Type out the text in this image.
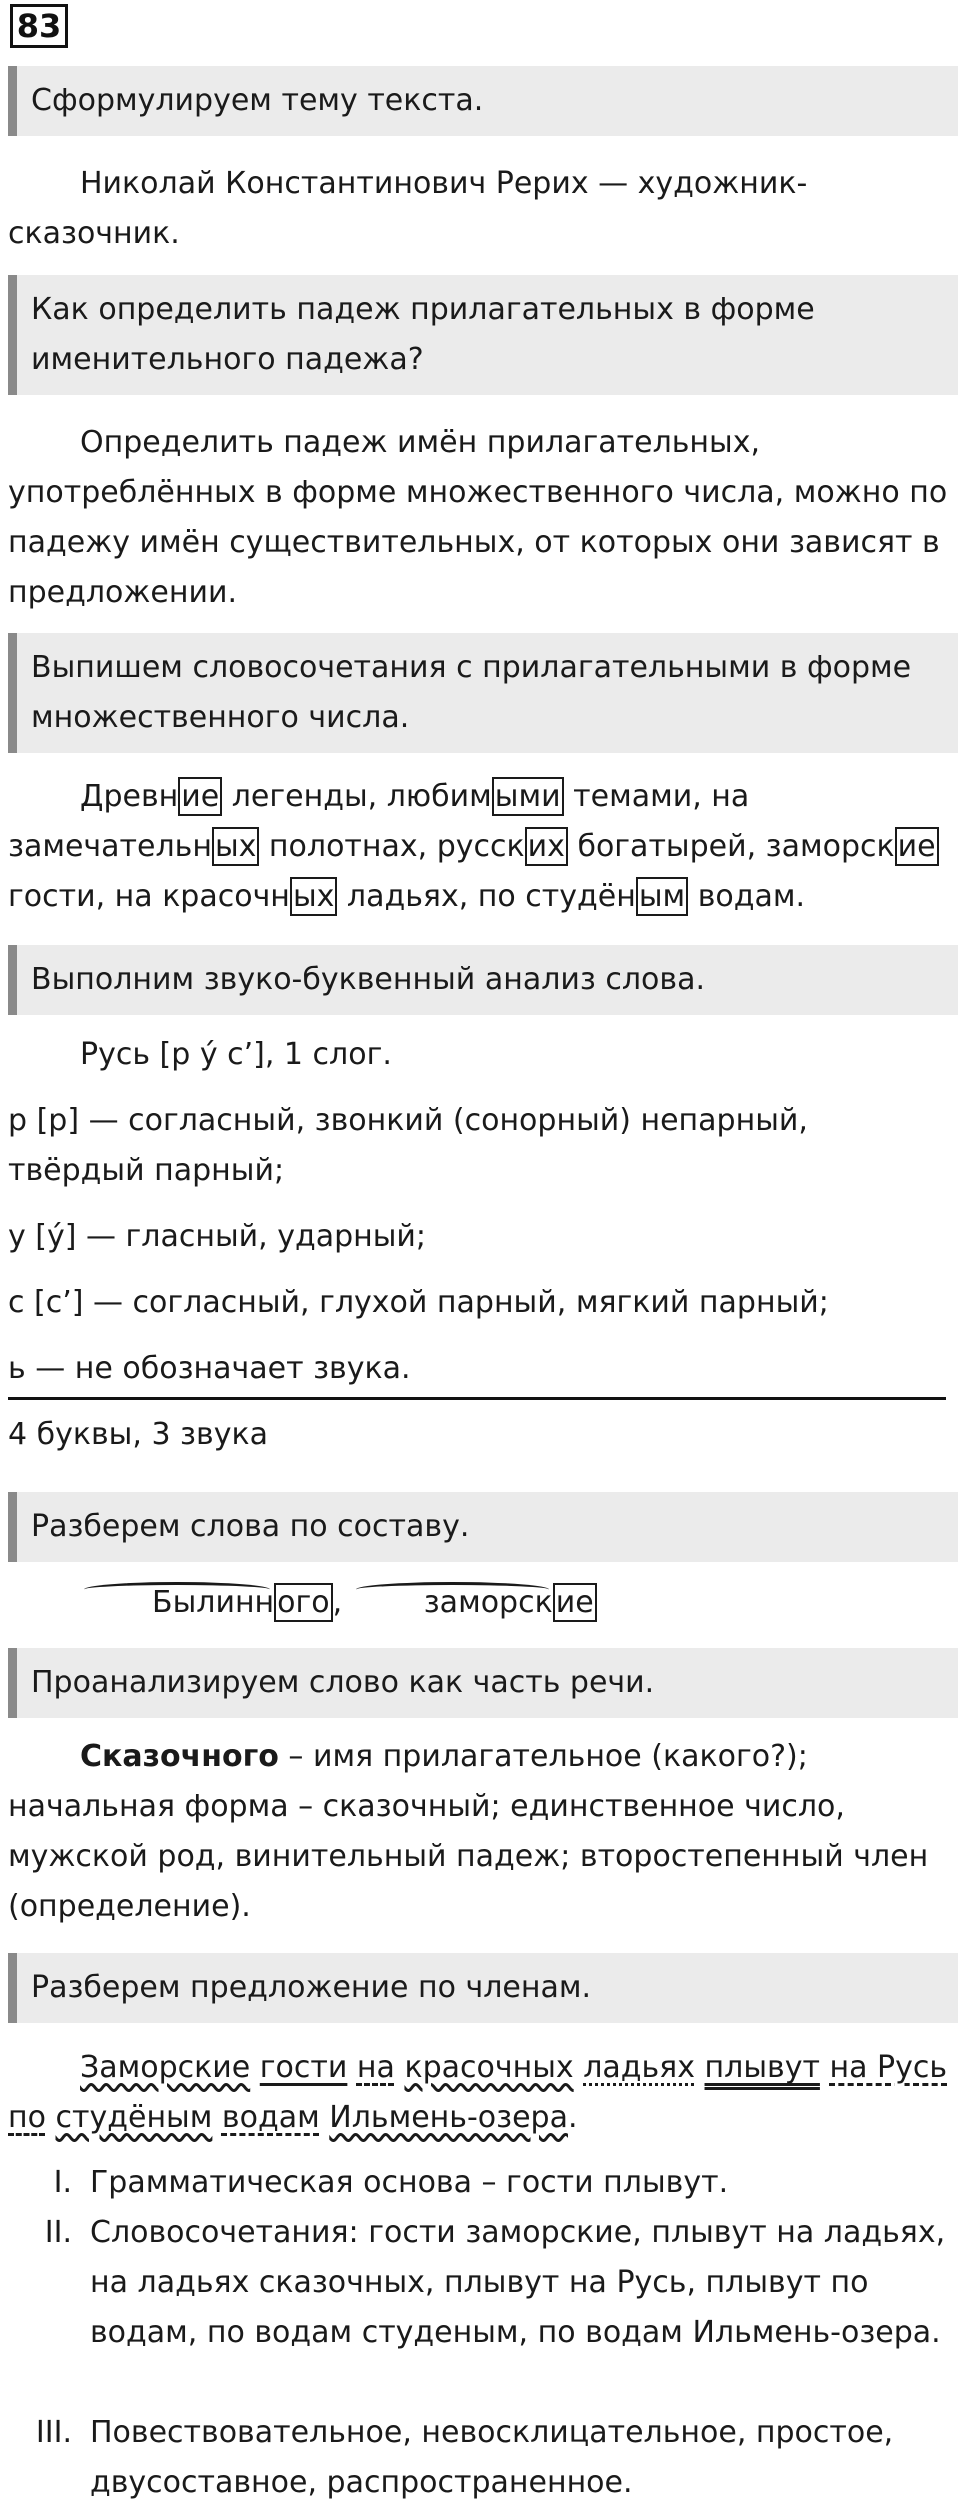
83
Сформулируем тему текста.
Николай Константинович Рерих — художник-сказочник.
Как определить падеж прилагательных в форме именительного падежа?
Определить падеж имён прилагательных, употреблённых в форме множественного числа, можно по падежу имён существительных, от которых они зависят в предложении.
Выпишем словосочетания с прилагательными в форме множественного числа.
Древн ие легенды, любим ыми темами, на
замечательн ых полотнах, русск их богатырей, заморск ие
гости, на красочн ых ладьях, по студён ым водам.
Выполним звуко-буквенный анализ слова.
Русь [р у́ с’], 1 слог.
р [р] — согласный, звонкий (сонорный) непарный, твёрдый парный;
у [у́] — гласный, ударный;
с [с’] — согласный, глухой парный, мягкий парный;
ь — не обозначает звука.
4 буквы, 3 звука
Разберем слова по составу.
Былинн ого , заморск ие
Проанализируем слово как часть речи.
Сказочного – имя прилагательное (какого?); начальная форма – сказочный; единственное число, мужской род, винительный падеж; второстепенный член (определение).
Разберем предложение по членам.
Заморские гости на красочных ладьях плывут на Русь
по студёным водам Ильмень-озера.
I. Грамматическая основа – гости плывут.
II. Словосочетания: гости заморские, плывут на ладьях, на ладьях сказочных, плывут на Русь, плывут по водам, по водам студеным, по водам Ильмень-озера.
III. Повествовательное, невосклицательное, простое, двусоставное, распространенное.
